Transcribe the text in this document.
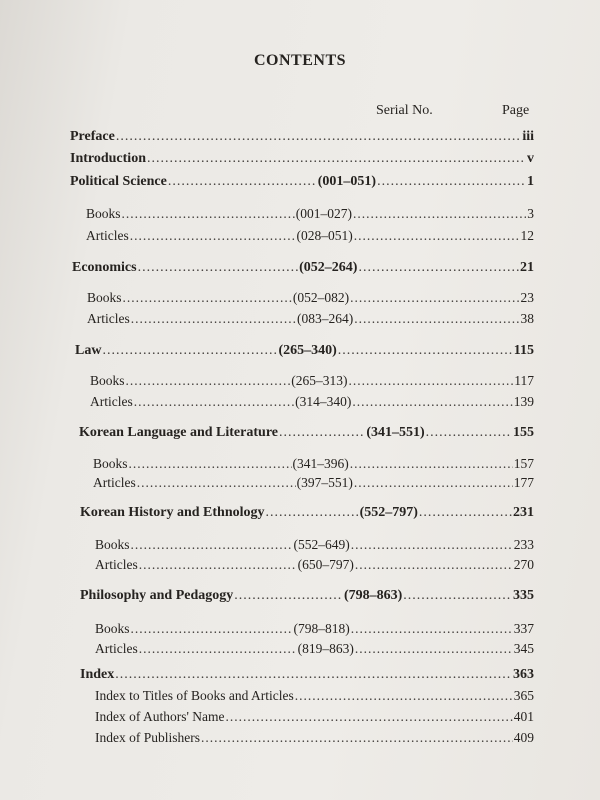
CONTENTS
Serial No.	Page
Preface .....	iii
Introduction .....	v
Political Science .....	(001–051) .....	1
Books .....	(001–027) .....	3
Articles .....	(028–051) .....	12
Economics .....	(052–264) .....	21
Books .....	(052–082) .....	23
Articles .....	(083–264) .....	38
Law .....	(265–340) .....	115
Books .....	(265–313) .....	117
Articles .....	(314–340) .....	139
Korean Language and Literature .....	(341–551) .....	155
Books .....	(341–396) .....	157
Articles .....	(397–551) .....	177
Korean History and Ethnology .....	(552–797) .....	231
Books .....	(552–649) .....	233
Articles .....	(650–797) .....	270
Philosophy and Pedagogy .....	(798–863) .....	335
Books .....	(798–818) .....	337
Articles .....	(819–863) .....	345
Index .....	363
Index to Titles of Books and Articles .....	365
Index of Authors' Name .....	401
Index of Publishers .....	409
